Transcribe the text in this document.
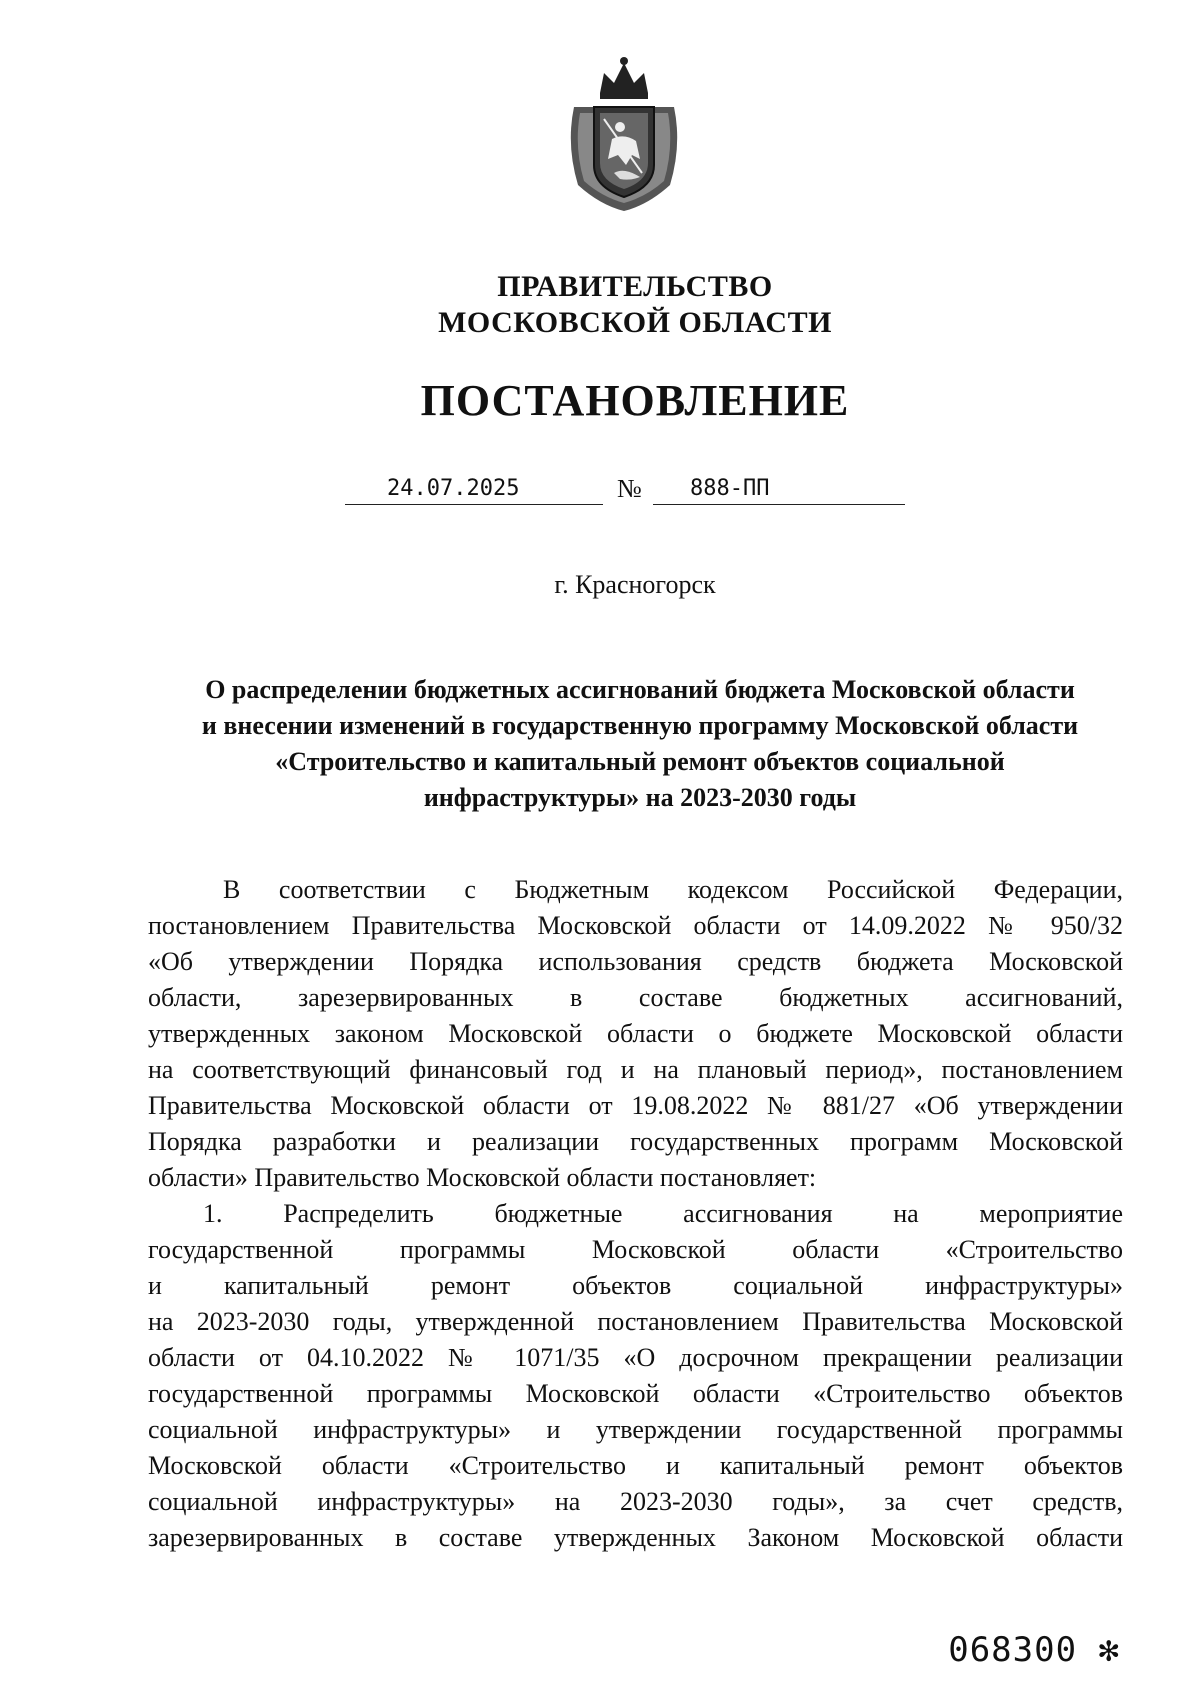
ПРАВИТЕЛЬСТВО
МОСКОВСКОЙ ОБЛАСТИ
ПОСТАНОВЛЕНИЕ
24.07.2025	№ 888-ПП
г. Красногорск
О распределении бюджетных ассигнований бюджета Московской области
и внесении изменений в государственную программу Московской области
«Строительство и капитальный ремонт объектов социальной
инфраструктуры» на 2023-2030 годы
В соответствии с Бюджетным кодексом Российской Федерации,
постановлением Правительства Московской области от 14.09.2022 № 950/32
«Об утверждении Порядка использования средств бюджета Московской
области, зарезервированных в составе бюджетных ассигнований,
утвержденных законом Московской области о бюджете Московской области
на соответствующий финансовый год и на плановый период», постановлением
Правительства Московской области от 19.08.2022 № 881/27 «Об утверждении
Порядка разработки и реализации государственных программ Московской
области» Правительство Московской области постановляет:
1. Распределить бюджетные ассигнования на мероприятие
государственной программы Московской области «Строительство
и капитальный ремонт объектов социальной инфраструктуры»
на 2023-2030 годы, утвержденной постановлением Правительства Московской
области от 04.10.2022 № 1071/35 «О досрочном прекращении реализации
государственной программы Московской области «Строительство объектов
социальной инфраструктуры» и утверждении государственной программы
Московской области «Строительство и капитальный ремонт объектов
социальной инфраструктуры» на 2023-2030 годы», за счет средств,
зарезервированных в составе утвержденных Законом Московской области
068300 ✻
